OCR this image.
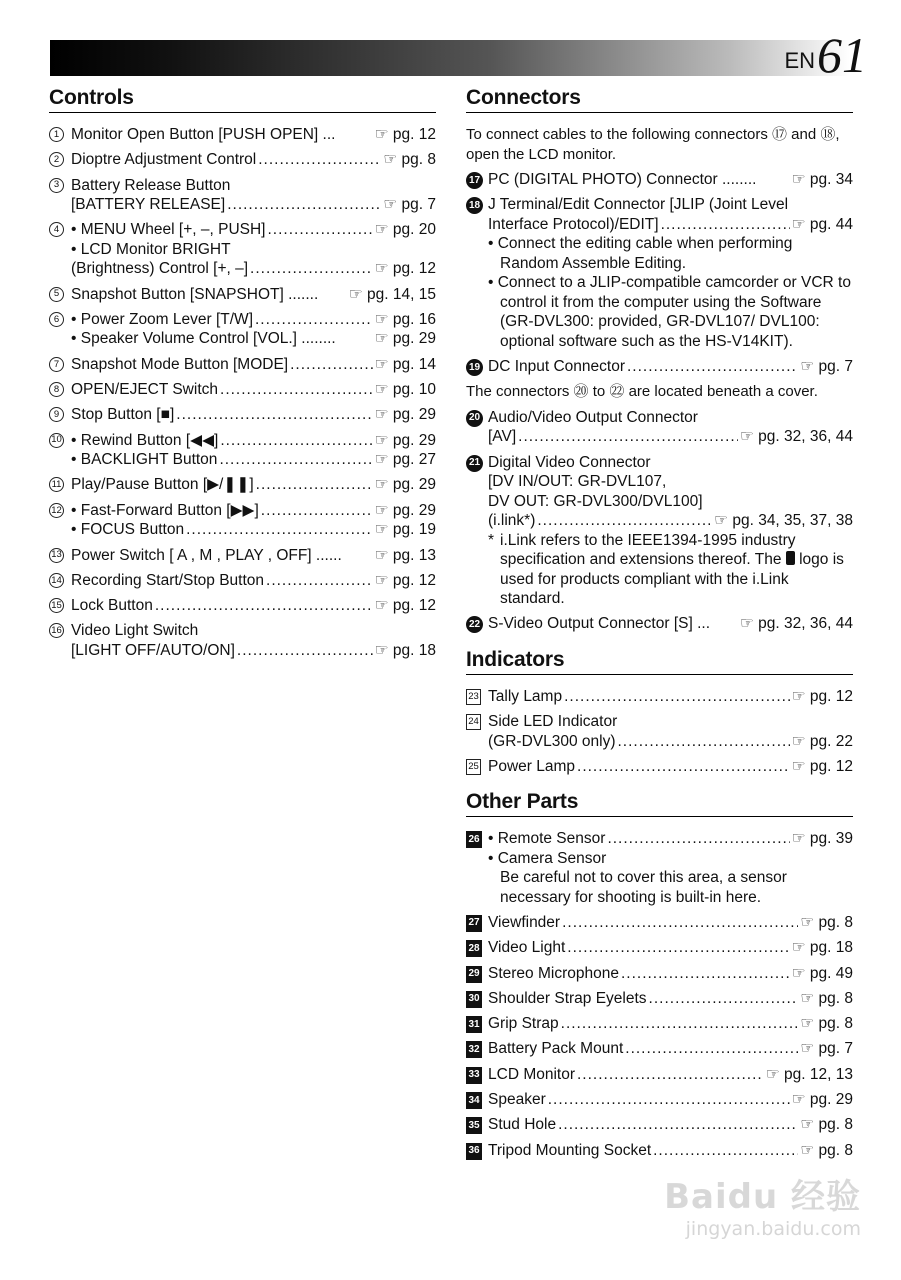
EN 61
Controls
1 Monitor Open Button [PUSH OPEN] ...	☞ pg. 12
2 Dioptre Adjustment Control .....	☞ pg. 8
3 Battery Release Button
[BATTERY RELEASE] .....	☞ pg. 7
4 • MENU Wheel [+, –, PUSH] .....	☞ pg. 20
• LCD Monitor BRIGHT
(Brightness) Control [+, –] .....	☞ pg. 12
5 Snapshot Button [SNAPSHOT] ....... ☞ pg. 14, 15
6 • Power Zoom Lever [T/W] .....	☞ pg. 16
• Speaker Volume Control [VOL.] ........	☞ pg. 29
7 Snapshot Mode Button [MODE] .....	☞ pg. 14
8 OPEN/EJECT Switch .....	☞ pg. 10
9 Stop Button [■] .....	☞ pg. 29
10 • Rewind Button [◀◀] .....	☞ pg. 29
• BACKLIGHT Button .....	☞ pg. 27
11 Play/Pause Button [▶/❚❚] .....	☞ pg. 29
12 • Fast-Forward Button [▶▶] .....	☞ pg. 29
• FOCUS Button .....	☞ pg. 19
13 Power Switch [ A , M , PLAY , OFF] ...... ☞ pg. 13
14 Recording Start/Stop Button .....	☞ pg. 12
15 Lock Button .....	☞ pg. 12
16 Video Light Switch
[LIGHT OFF/AUTO/ON] .....	☞ pg. 18
Connectors
To connect cables to the following connectors ⑰ and ⑱, open the LCD monitor.
17 PC (DIGITAL PHOTO) Connector ........ ☞ pg. 34
18 J Terminal/Edit Connector [JLIP (Joint Level
Interface Protocol)/EDIT] .....	☞ pg. 44
• Connect the editing cable when performing Random Assemble Editing.
• Connect to a JLIP-compatible camcorder or VCR to control it from the computer using the Software (GR-DVL300: provided, GR-DVL107/ DVL100: optional software such as the HS-V14KIT).
19 DC Input Connector .....	☞ pg. 7
The connectors ⑳ to ㉒ are located beneath a cover.
20 Audio/Video Output Connector
[AV] .....	☞ pg. 32, 36, 44
21 Digital Video Connector
[DV IN/OUT: GR-DVL107,
DV OUT: GR-DVL300/DVL100]
(i.link*) .....	☞ pg. 34, 35, 37, 38
* i.Link refers to the IEEE1394-1995 industry specification and extensions thereof. The logo is used for products compliant with the i.Link standard.
22 S-Video Output Connector [S] ... ☞ pg. 32, 36, 44
Indicators
23 Tally Lamp .....	☞ pg. 12
24 Side LED Indicator
(GR-DVL300 only) .....	☞ pg. 22
25 Power Lamp .....	☞ pg. 12
Other Parts
26 • Remote Sensor .....	☞ pg. 39
• Camera Sensor
Be careful not to cover this area, a sensor necessary for shooting is built-in here.
27 Viewfinder .....	☞ pg. 8
28 Video Light .....	☞ pg. 18
29 Stereo Microphone .....	☞ pg. 49
30 Shoulder Strap Eyelets .....	☞ pg. 8
31 Grip Strap .....	☞ pg. 8
32 Battery Pack Mount .....	☞ pg. 7
33 LCD Monitor .....	☞ pg. 12, 13
34 Speaker .....	☞ pg. 29
35 Stud Hole .....	☞ pg. 8
36 Tripod Mounting Socket .....	☞ pg. 8
Baidu 经验
jingyan.baidu.com
